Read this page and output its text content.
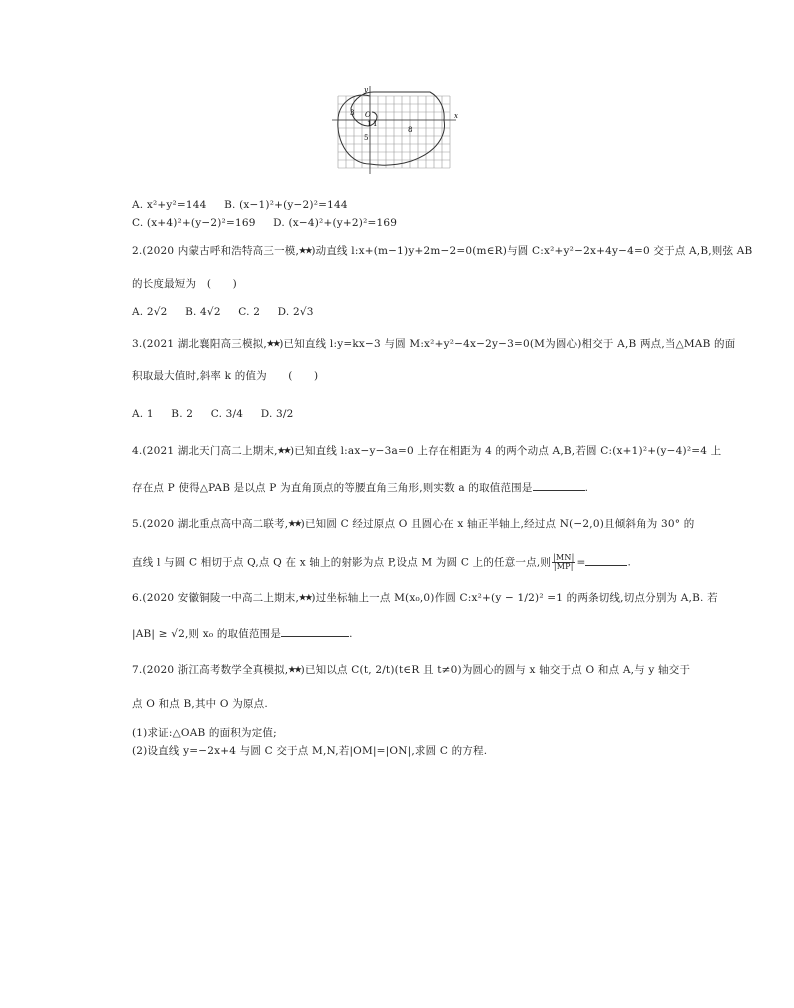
y
x
O
3
1 1
5
8
A. x²+y²=144 B. (x−1)²+(y−2)²=144
C. (x+4)²+(y−2)²=169 D. (x−4)²+(y+2)²=169
2.(2020 内蒙古呼和浩特高三一模,★★)动直线 l:x+(m−1)y+2m−2=0(m∈R)与圆 C:x²+y²−2x+4y−4=0 交于点 A,B,则弦 AB
的长度最短为　(　　)
A. 2√2 B. 4√2 C. 2 D. 2√3
3.(2021 湖北襄阳高三模拟,★★)已知直线 l:y=kx−3 与圆 M:x²+y²−4x−2y−3=0(M为圆心)相交于 A,B 两点,当△MAB 的面
积取最大值时,斜率 k 的值为　　(　　)
A. 1 B. 2 C. 3/4 D. 3/2
4.(2021 湖北天门高二上期末,★★)已知直线 l:ax−y−3a=0 上存在相距为 4 的两个动点 A,B,若圆 C:(x+1)²+(y−4)²=4 上
存在点 P 使得△PAB 是以点 P 为直角顶点的等腰直角三角形,则实数 a 的取值范围是	.
5.(2020 湖北重点高中高二联考,★★)已知圆 C 经过原点 O 且圆心在 x 轴正半轴上,经过点 N(−2,0)且倾斜角为 30° 的
直线 l 与圆 C 相切于点 Q,点 Q 在 x 轴上的射影为点 P,设点 M 为圆 C 上的任意一点,则 $\frac{|MN|}{|MP|}$ =	.
6.(2020 安徽铜陵一中高二上期末,★★)过坐标轴上一点 M(x₀,0)作圆 C:x²+(y − 1/2)² =1 的两条切线,切点分别为 A,B. 若
|AB| ≥ √2,则 x₀ 的取值范围是	.
7.(2020 浙江高考数学全真模拟,★★)已知以点 C(t, 2/t)(t∈R 且 t≠0)为圆心的圆与 x 轴交于点 O 和点 A,与 y 轴交于
点 O 和点 B,其中 O 为原点.
(1)求证:△OAB 的面积为定值;
(2)设直线 y=−2x+4 与圆 C 交于点 M,N,若|OM|=|ON|,求圆 C 的方程.
